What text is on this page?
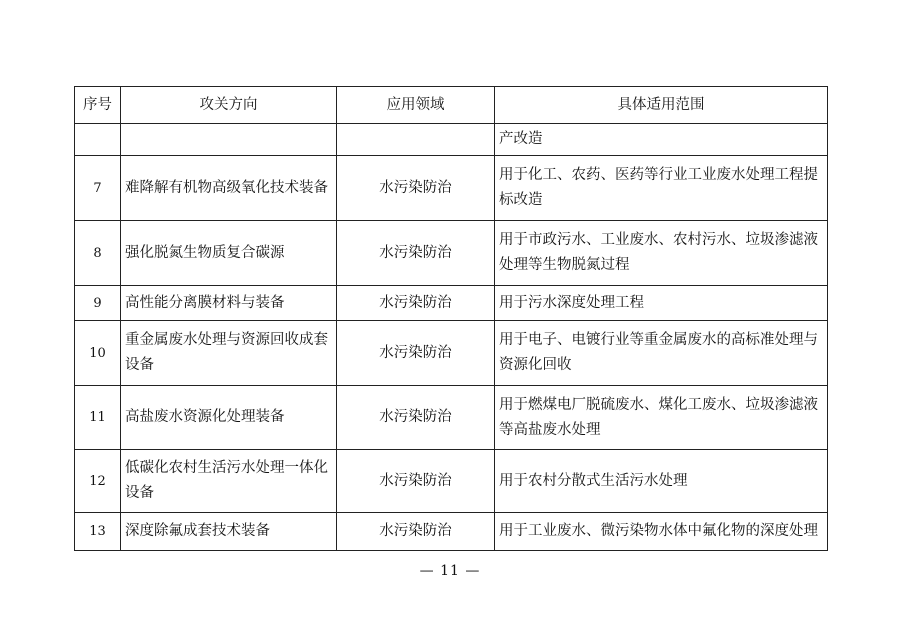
序号	攻关方向	应用领域	具体适用范围
			产改造
7	难降解有机物高级氧化技术装备	水污染防治	用于化工、农药、医药等行业工业废水处理工程提标改造
8	强化脱氮生物质复合碳源	水污染防治	用于市政污水、工业废水、农村污水、垃圾渗滤液处理等生物脱氮过程
9	高性能分离膜材料与装备	水污染防治	用于污水深度处理工程
10	重金属废水处理与资源回收成套设备	水污染防治	用于电子、电镀行业等重金属废水的高标准处理与资源化回收
11	高盐废水资源化处理装备	水污染防治	用于燃煤电厂脱硫废水、煤化工废水、垃圾渗滤液等高盐废水处理
12	低碳化农村生活污水处理一体化设备	水污染防治	用于农村分散式生活污水处理
13	深度除氟成套技术装备	水污染防治	用于工业废水、微污染物水体中氟化物的深度处理
— 11 —
